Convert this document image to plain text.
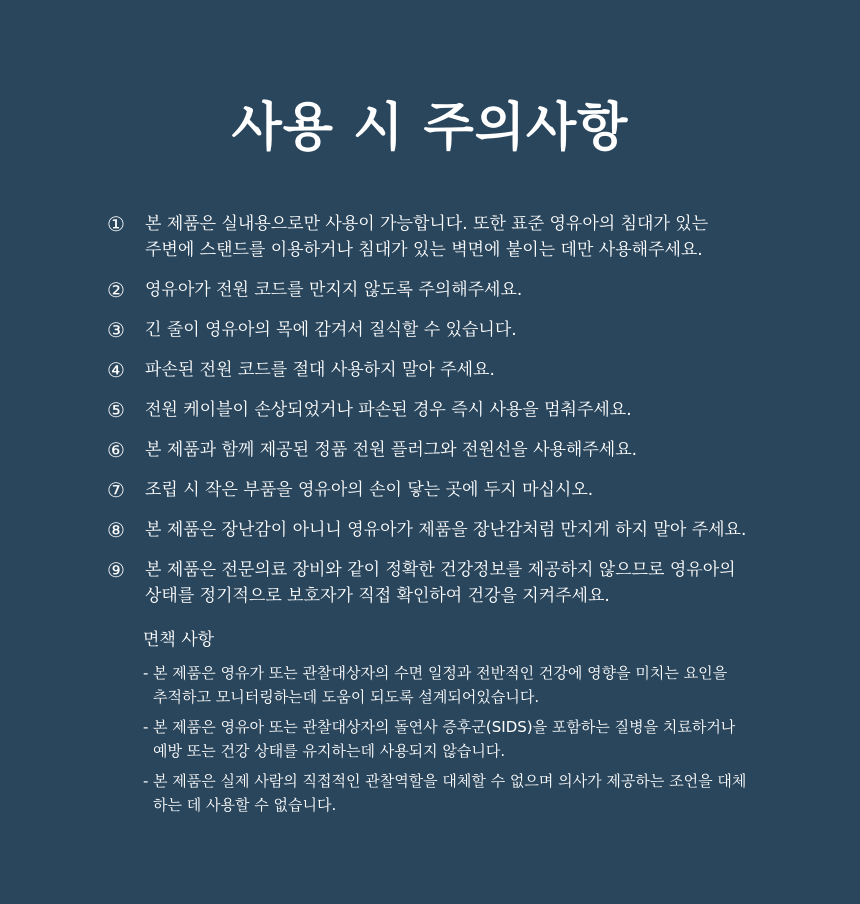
사용 시 주의사항
①	본 제품은 실내용으로만 사용이 가능합니다. 또한 표준 영유아의 침대가 있는
주변에 스탠드를 이용하거나 침대가 있는 벽면에 붙이는 데만 사용해주세요.
②	영유아가 전원 코드를 만지지 않도록 주의해주세요.
③	긴 줄이 영유아의 목에 감겨서 질식할 수 있습니다.
④	파손된 전원 코드를 절대 사용하지 말아 주세요.
⑤	전원 케이블이 손상되었거나 파손된 경우 즉시 사용을 멈춰주세요.
⑥	본 제품과 함께 제공된 정품 전원 플러그와 전원선을 사용해주세요.
⑦	조립 시 작은 부품을 영유아의 손이 닿는 곳에 두지 마십시오.
⑧	본 제품은 장난감이 아니니 영유아가 제품을 장난감처럼 만지게 하지 말아 주세요.
⑨	본 제품은 전문의료 장비와 같이 정확한 건강정보를 제공하지 않으므로 영유아의
상태를 정기적으로 보호자가 직접 확인하여 건강을 지켜주세요.
면책 사항
- 본 제품은 영유가 또는 관찰대상자의 수면 일정과 전반적인 건강에 영향을 미치는 요인을
추적하고 모니터링하는데 도움이 되도록 설계되어있습니다.
- 본 제품은 영유아 또는 관찰대상자의 돌연사 증후군(SIDS)을 포함하는 질병을 치료하거나
예방 또는 건강 상태를 유지하는데 사용되지 않습니다.
- 본 제품은 실제 사람의 직접적인 관찰역할을 대체할 수 없으며 의사가 제공하는 조언을 대체
하는 데 사용할 수 없습니다.
